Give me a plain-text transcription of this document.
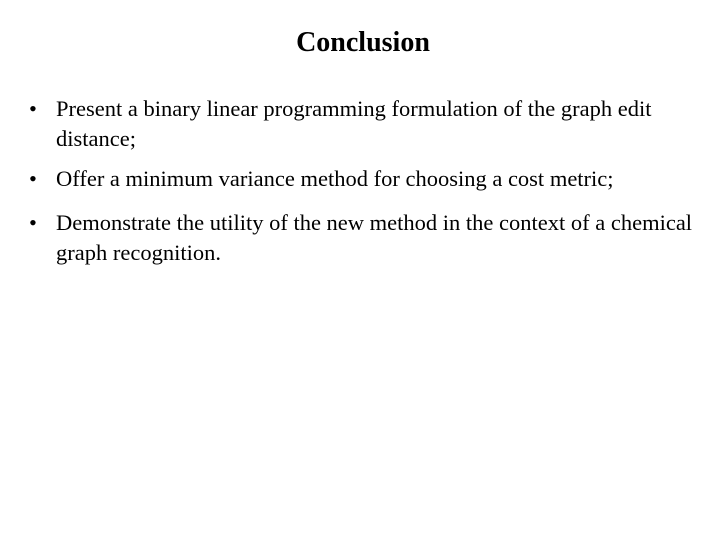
Conclusion
• Present a binary linear programming formulation of the graph edit distance;
• Offer a minimum variance method for choosing a cost metric;
• Demonstrate the utility of the new method in the context of a chemical graph recognition.
